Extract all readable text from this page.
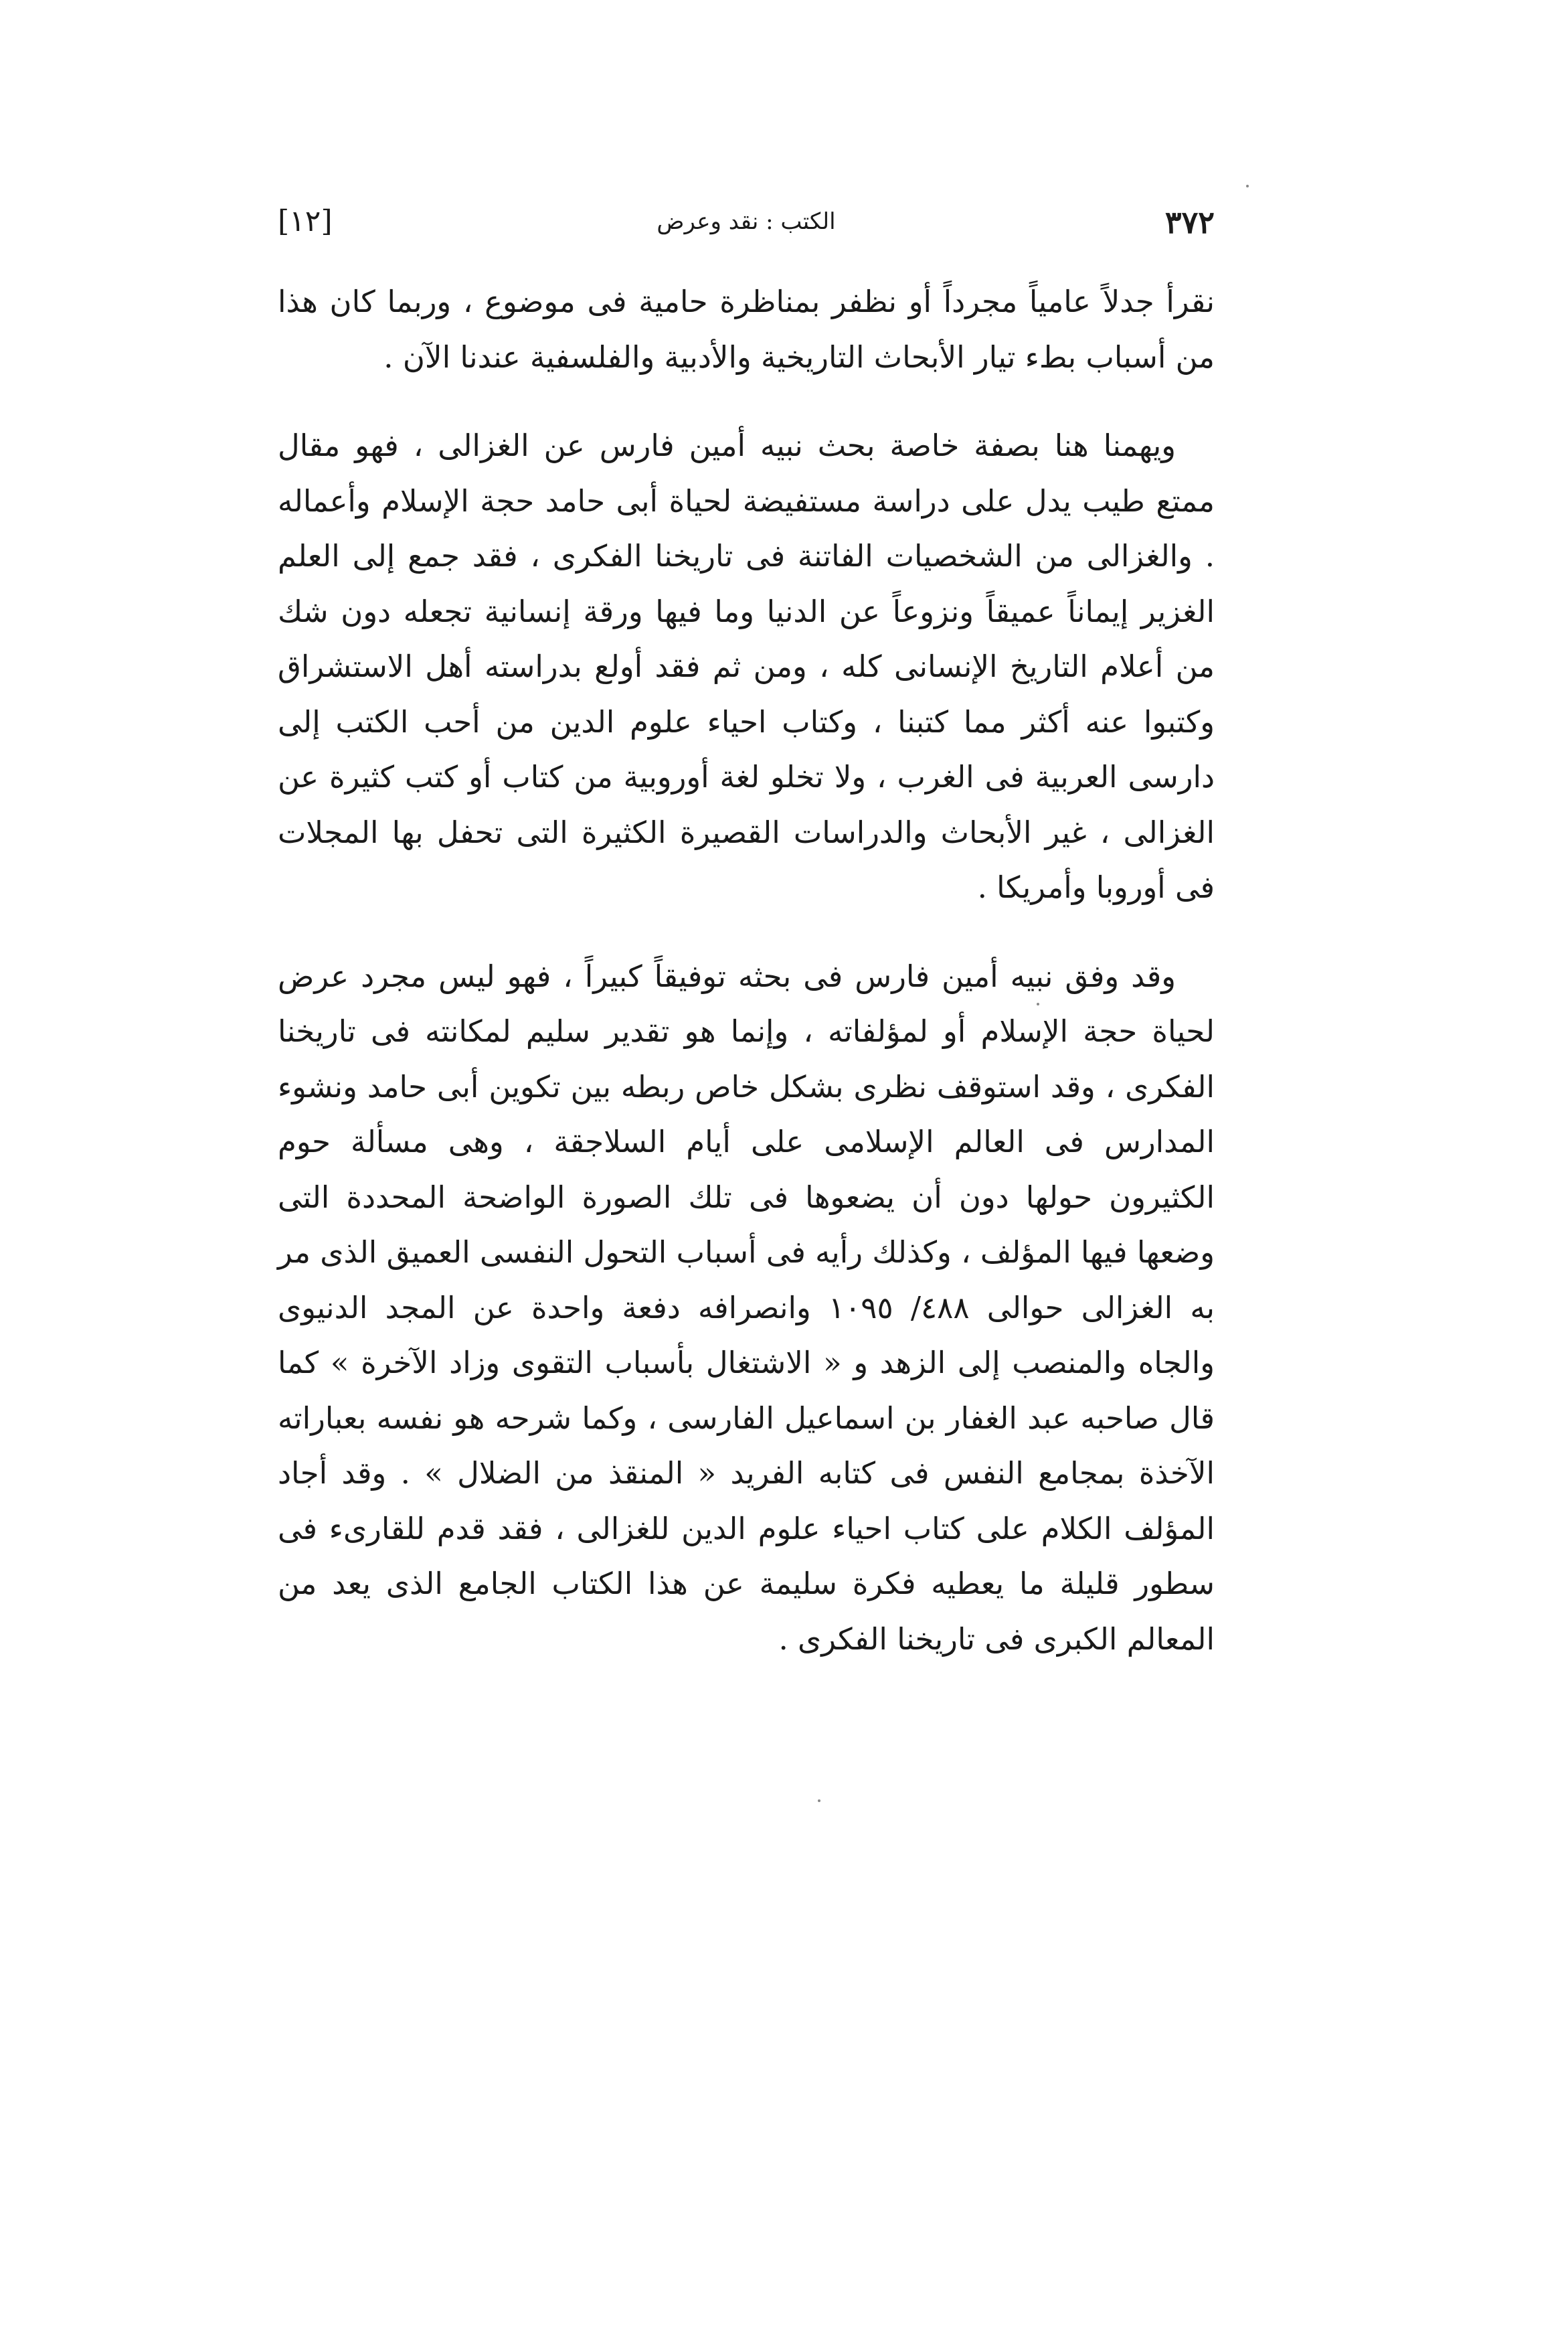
٣٧٢
الكتب : نقد وعرض
[١٢]

نقرأ جدلاً عامياً مجرداً أو نظفر بمناظرة حامية فى موضوع ، وربما كان هذا من أسباب بطء تيار الأبحاث التاريخية والأدبية والفلسفية عندنا الآن .

ويهمنا هنا بصفة خاصة بحث نبيه أمين فارس عن الغزالى ، فهو مقال ممتع طيب يدل على دراسة مستفيضة لحياة أبى حامد حجة الإسلام وأعماله . والغزالى من الشخصيات الفاتنة فى تاريخنا الفكرى ، فقد جمع إلى العلم الغزير إيماناً عميقاً ونزوعاً عن الدنيا وما فيها ورقة إنسانية تجعله دون شك من أعلام التاريخ الإنسانى كله ، ومن ثم فقد أولع بدراسته أهل الاستشراق وكتبوا عنه أكثر مما كتبنا ، وكتاب احياء علوم الدين من أحب الكتب إلى دارسى العربية فى الغرب ، ولا تخلو لغة أوروبية من كتاب أو كتب كثيرة عن الغزالى ، غير الأبحاث والدراسات القصيرة الكثيرة التى تحفل بها المجلات فى أوروبا وأمريكا .

وقد وفق نبيه أمين فارس فى بحثه توفيقاً كبيراً ، فهو ليس مجرد عرض لحياة حجة الإسلام أو لمؤلفاته ، وإنما هو تقدير سليم لمكانته فى تاريخنا الفكرى ، وقد استوقف نظرى بشكل خاص ربطه بين تكوين أبى حامد ونشوء المدارس فى العالم الإسلامى على أيام السلاجقة ، وهى مسألة حوم الكثيرون حولها دون أن يضعوها فى تلك الصورة الواضحة المحددة التى وضعها فيها المؤلف ، وكذلك رأيه فى أسباب التحول النفسى العميق الذى مر به الغزالى حوالى ٤٨٨/ ١٠٩٥ وانصرافه دفعة واحدة عن المجد الدنيوى والجاه والمنصب إلى الزهد و « الاشتغال بأسباب التقوى وزاد الآخرة » كما قال صاحبه عبد الغفار بن اسماعيل الفارسى ، وكما شرحه هو نفسه بعباراته الآخذة بمجامع النفس فى كتابه الفريد « المنقذ من الضلال » . وقد أجاد المؤلف الكلام على كتاب احياء علوم الدين للغزالى ، فقد قدم للقارىء فى سطور قليلة ما يعطيه فكرة سليمة عن هذا الكتاب الجامع الذى يعد من المعالم الكبرى فى تاريخنا الفكرى .
